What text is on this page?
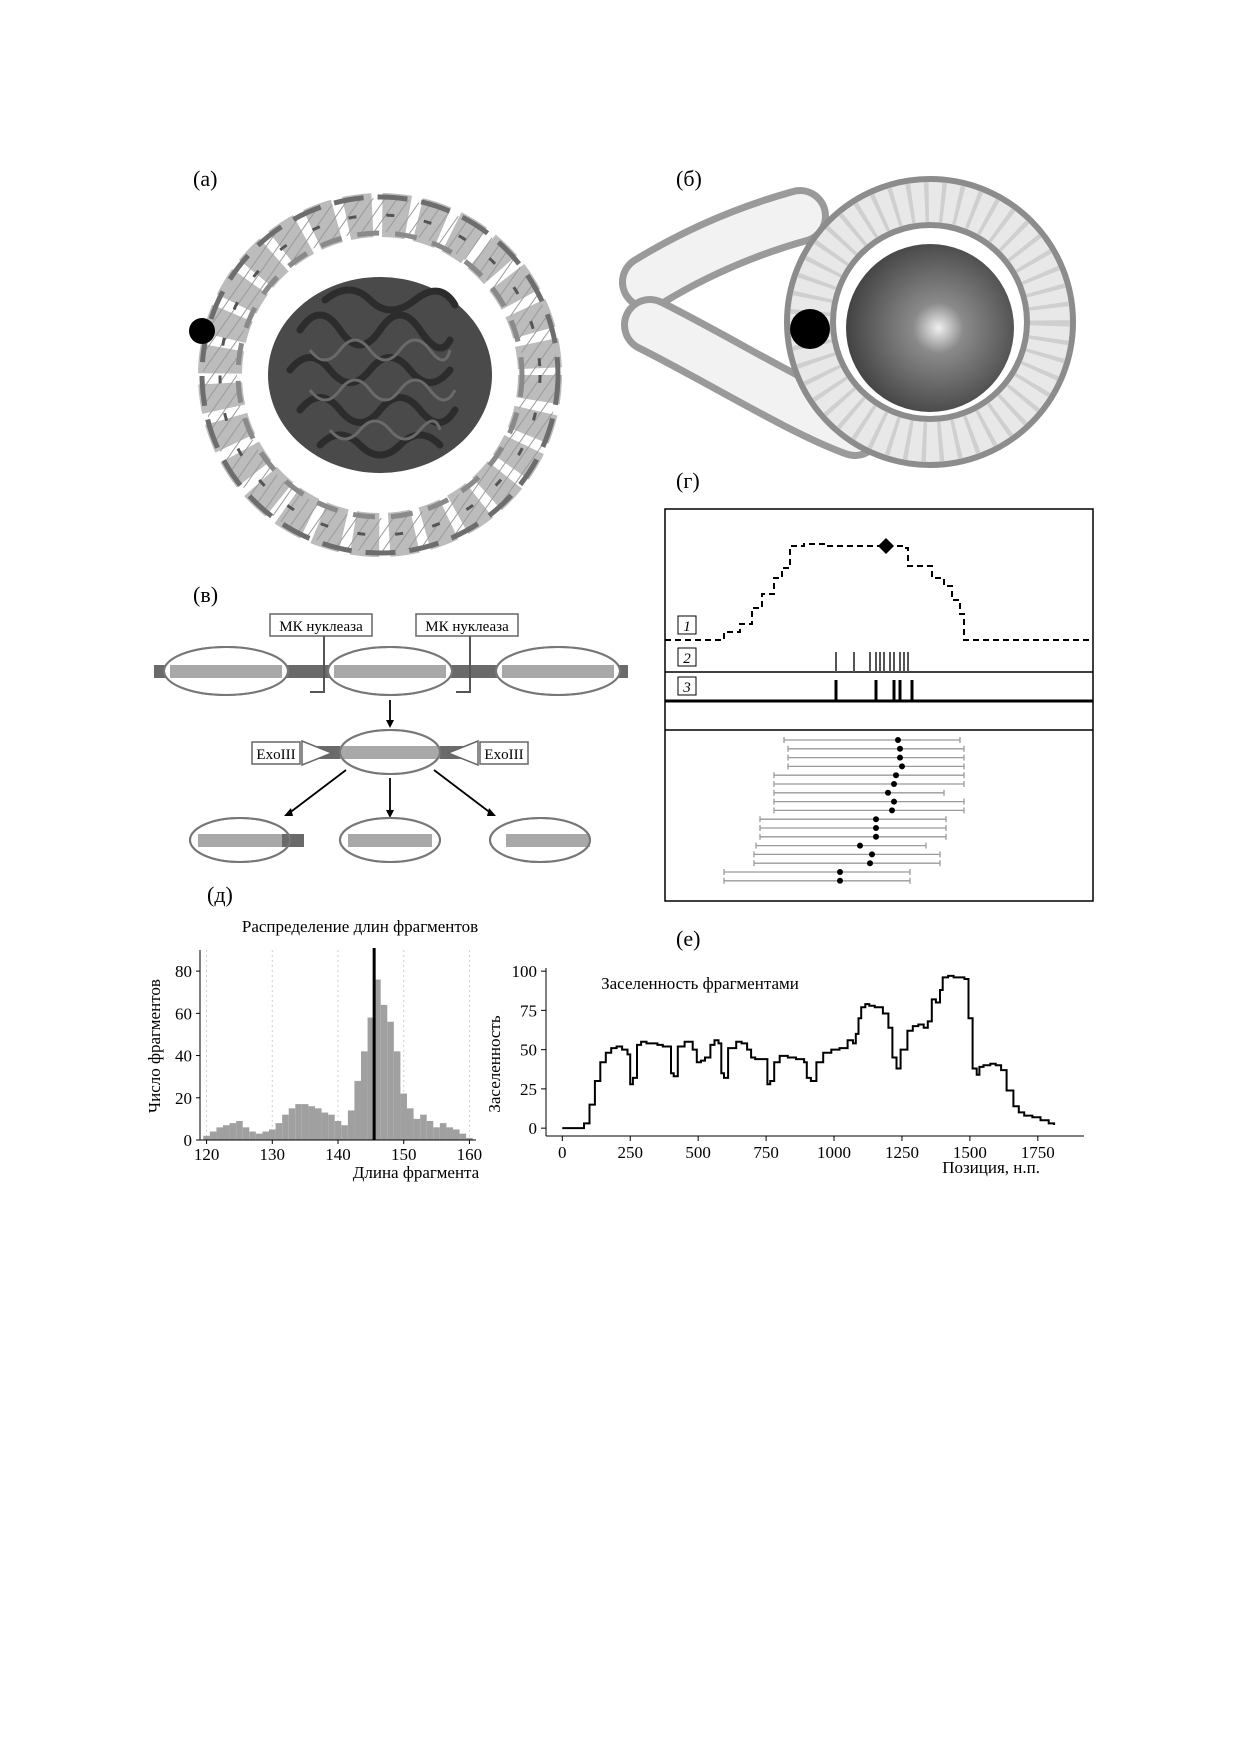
(а)	(б)
(в)
(г)
(д)
(е)
МК нуклеаза	МК нуклеаза
ExoIII	ExoIII
1
2
3
Распределение длин фрагментов
120 130 140 150 160
0
20
40
60
80
Длина фрагмента
Число фрагментов	Заселенность фрагментами
0	250 500 750 1000 1250 1500 1750
0
25
50
75
100
Позиция, н.п.
Заселенность
